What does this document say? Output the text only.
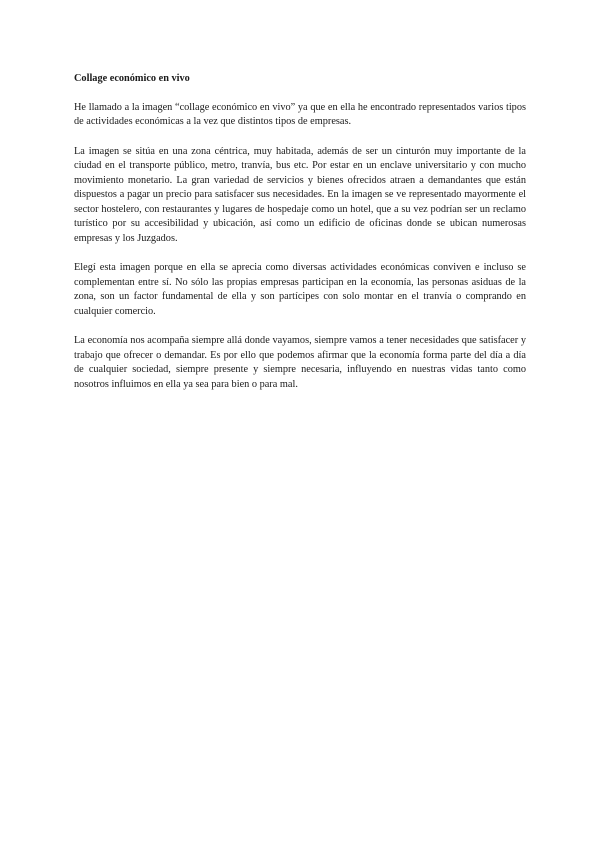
Collage económico en vivo

He llamado a la imagen “collage económico en vivo” ya que en ella he encontrado representados varios tipos de actividades económicas a la vez que distintos tipos de empresas.

La imagen se sitúa en una zona céntrica, muy habitada, además de ser un cinturón muy importante de la ciudad en el transporte público, metro, tranvía, bus etc. Por estar en un enclave universitario y con mucho movimiento monetario. La gran variedad de servicios y bienes ofrecidos atraen a demandantes que están dispuestos a pagar un precio para satisfacer sus necesidades. En la imagen se ve representado mayormente el sector hostelero, con restaurantes y lugares de hospedaje como un hotel, que a su vez podrían ser un reclamo turístico por su accesibilidad y ubicación, así como un edificio de oficinas donde se ubican numerosas empresas y los Juzgados.

Elegí esta imagen porque en ella se aprecia como diversas actividades económicas conviven e incluso se complementan entre sí. No sólo las propias empresas participan en la economía, las personas asiduas de la zona, son un factor fundamental de ella y son partícipes con solo montar en el tranvía o comprando en cualquier comercio.

La economía nos acompaña siempre allá donde vayamos, siempre vamos a tener necesidades que satisfacer y trabajo que ofrecer o demandar. Es por ello que podemos afirmar que la economía forma parte del día a día de cualquier sociedad, siempre presente y siempre necesaria, influyendo en nuestras vidas tanto como nosotros influimos en ella ya sea para bien o para mal.
